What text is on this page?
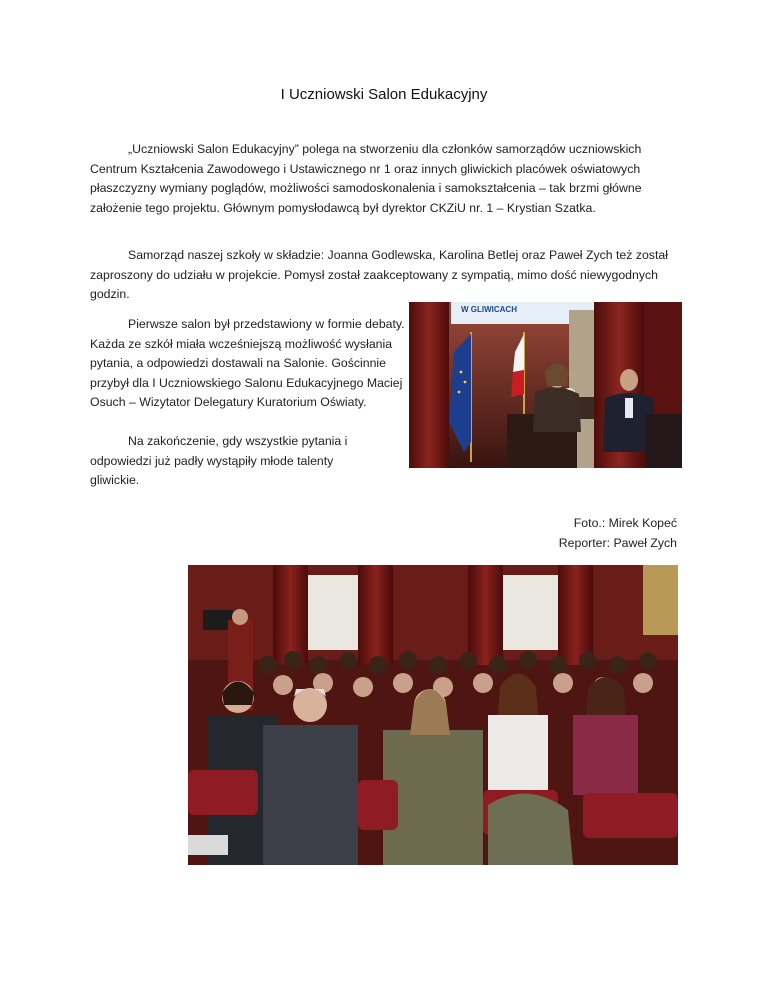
I Uczniowski Salon Edukacyjny

„Uczniowski Salon Edukacyjny” polega na stworzeniu dla członków samorządów uczniowskich Centrum Kształcenia Zawodowego i Ustawicznego nr 1 oraz innych gliwickich placówek oświatowych płaszczyzny wymiany poglądów, możliwości samodoskonalenia i samokształcenia – tak brzmi główne założenie tego projektu. Głównym pomysłodawcą był dyrektor CKZiU nr. 1 – Krystian Szatka.

Samorząd naszej szkoły w składzie: Joanna Godlewska, Karolina Betlej oraz Paweł Zych też został zaproszony do udziału w projekcie. Pomysł został zaakceptowany z sympatią, mimo dość niewygodnych godzin.

Pierwsze salon był przedstawiony w formie debaty. Każda ze szkół miała wcześniejszą możliwość wysłania pytania, a odpowiedzi dostawali na Salonie. Gościnnie przybył dla I Uczniowskiego Salonu Edukacyjnego Maciej Osuch – Wizytator Delegatury Kuratorium Oświaty.

Na zakończenie, gdy wszystkie pytania i odpowiedzi już padły wystąpiły młode talenty gliwickie.

W GLIWICACH
Foto.: Mirek Kopeć
Reporter: Paweł Zych
